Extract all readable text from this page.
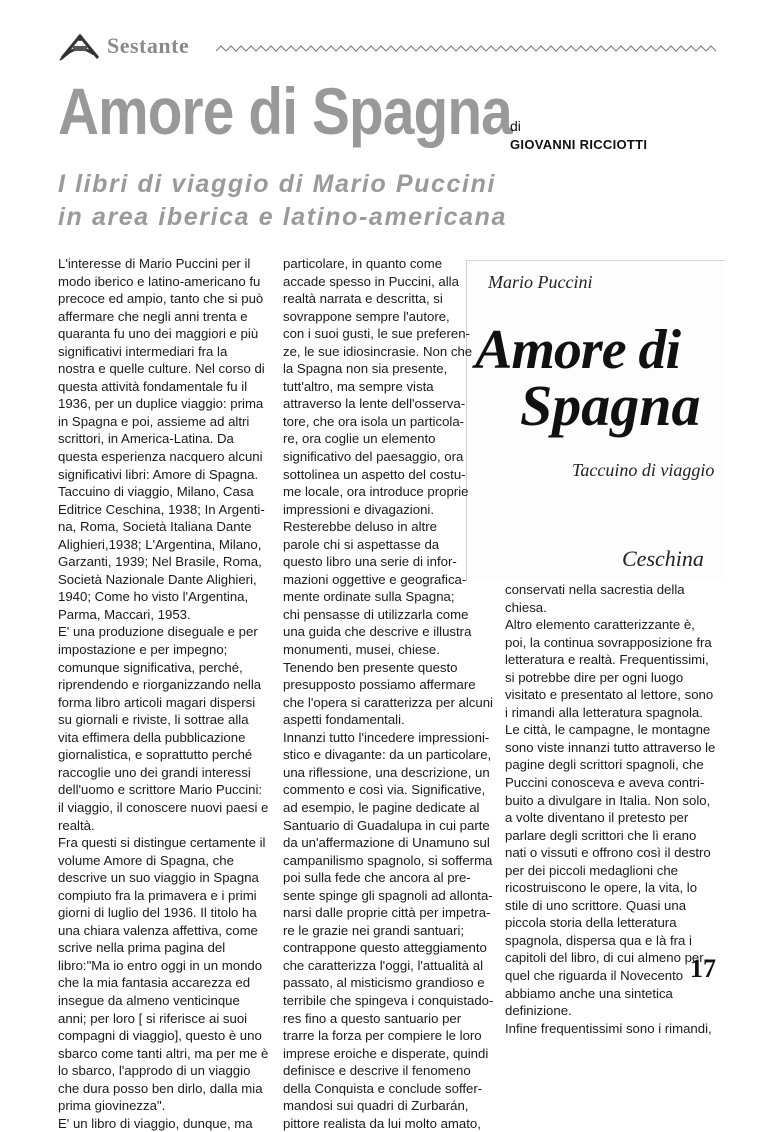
Sestante
Amore di Spagna
di
GIOVANNI RICCIOTTI
I libri di viaggio di Mario Puccini
in area iberica e latino-americana
Mario Puccini
Amore di
Spagna
Taccuino di viaggio
Ceschina
L'interesse di Mario Puccini per il
modo iberico e latino-americano fu
precoce ed ampio, tanto che si può
affermare che negli anni trenta e
quaranta fu uno dei maggiori e più
significativi intermediari fra la
nostra e quelle culture. Nel corso di
questa attività fondamentale fu il
1936, per un duplice viaggio: prima
in Spagna e poi, assieme ad altri
scrittori, in America-Latina. Da
questa esperienza nacquero alcuni
significativi libri: Amore di Spagna.
Taccuino di viaggio, Milano, Casa
Editrice Ceschina, 1938; In Argenti-
na, Roma, Società Italiana Dante
Alighieri,1938; L'Argentina, Milano,
Garzanti, 1939; Nel Brasile, Roma,
Società Nazionale Dante Alighieri,
1940; Come ho visto l'Argentina,
Parma, Maccari, 1953.
E' una produzione diseguale e per
impostazione e per impegno;
comunque significativa, perché,
riprendendo e riorganizzando nella
forma libro articoli magari dispersi
su giornali e riviste, li sottrae alla
vita effimera della pubblicazione
giornalistica, e soprattutto perché
raccoglie uno dei grandi interessi
dell'uomo e scrittore Mario Puccini:
il viaggio, il conoscere nuovi paesi e
realtà.
Fra questi si distingue certamente il
volume Amore di Spagna, che
descrive un suo viaggio in Spagna
compiuto fra la primavera e i primi
giorni di luglio del 1936. Il titolo ha
una chiara valenza affettiva, come
scrive nella prima pagina del
libro:"Ma io entro oggi in un mondo
che la mia fantasia accarezza ed
insegue da almeno venticinque
anni; per loro [ si riferisce ai suoi
compagni di viaggio], questo è uno
sbarco come tanti altri, ma per me è
lo sbarco, l'approdo di un viaggio
che dura posso ben dirlo, dalla mia
prima giovinezza".
E' un libro di viaggio, dunque, ma
particolare, in quanto come
accade spesso in Puccini, alla
realtà narrata e descritta, si
sovrappone sempre l'autore,
con i suoi gusti, le sue preferen-
ze, le sue idiosincrasie. Non che
la Spagna non sia presente,
tutt'altro, ma sempre vista
attraverso la lente dell'osserva-
tore, che ora isola un particola-
re, ora coglie un elemento
significativo del paesaggio, ora
sottolinea un aspetto del costu-
me locale, ora introduce proprie
impressioni e divagazioni.
Resterebbe deluso in altre
parole chi si aspettasse da
questo libro una serie di infor-
mazioni oggettive e geografica-
mente ordinate sulla Spagna;
chi pensasse di utilizzarla come
una guida che descrive e illustra
monumenti, musei, chiese.
Tenendo ben presente questo
presupposto possiamo affermare
che l'opera si caratterizza per alcuni
aspetti fondamentali.
Innanzi tutto l'incedere impressioni-
stico e divagante: da un particolare,
una riflessione, una descrizione, un
commento e così via. Significative,
ad esempio, le pagine dedicate al
Santuario di Guadalupa in cui parte
da un'affermazione di Unamuno sul
campanilismo spagnolo, si sofferma
poi sulla fede che ancora al pre-
sente spinge gli spagnoli ad allonta-
narsi dalle proprie città per impetra-
re le grazie nei grandi santuari;
contrappone questo atteggiamento
che caratterizza l'oggi, l'attualità al
passato, al misticismo grandioso e
terribile che spingeva i conquistado-
res fino a questo santuario per
trarre la forza per compiere le loro
imprese eroiche e disperate, quindi
definisce e descrive il fenomeno
della Conquista e conclude soffer-
mandosi sui quadri di Zurbarán,
pittore realista da lui molto amato,
conservati nella sacrestia della
chiesa.
Altro elemento caratterizzante è,
poi, la continua sovrapposizione fra
letteratura e realtà. Frequentissimi,
si potrebbe dire per ogni luogo
visitato e presentato al lettore, sono
i rimandi alla letteratura spagnola.
Le città, le campagne, le montagne
sono viste innanzi tutto attraverso le
pagine degli scrittori spagnoli, che
Puccini conosceva e aveva contri-
buito a divulgare in Italia. Non solo,
a volte diventano il pretesto per
parlare degli scrittori che lì erano
nati o vissuti e offrono così il destro
per dei piccoli medaglioni che
ricostruiscono le opere, la vita, lo
stile di uno scrittore. Quasi una
piccola storia della letteratura
spagnola, dispersa qua e là fra i
capitoli del libro, di cui almeno per
quel che riguarda il Novecento
abbiamo anche una sintetica
definizione.
Infine frequentissimi sono i rimandi,
17
